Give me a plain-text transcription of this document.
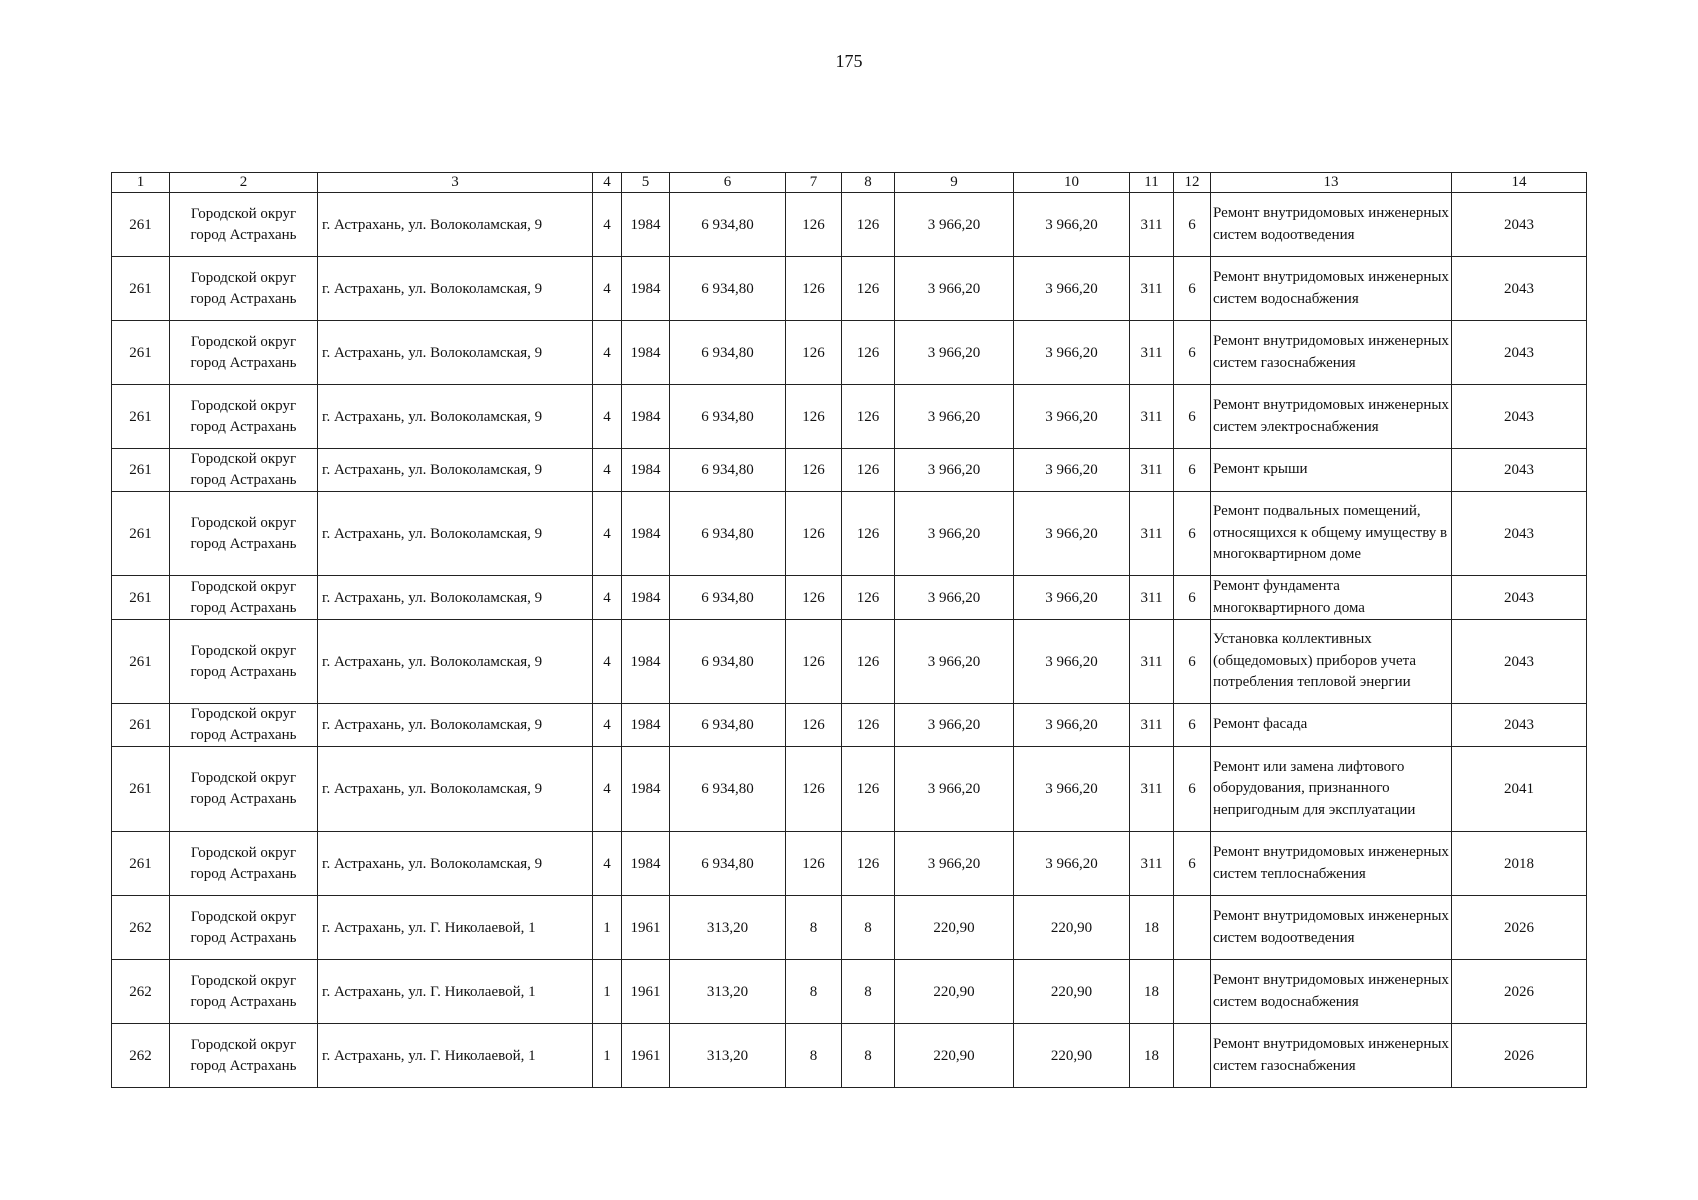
175
1	2	3	4	5	6	7	8	9	10	11	12	13	14
261	Городской округ город Астрахань	г. Астрахань, ул. Волоколамская, 9	4	1984	6 934,80	126	126	3 966,20	3 966,20	311	6	Ремонт внутридомовых инженерных систем водоотведения	2043
261	Городской округ город Астрахань	г. Астрахань, ул. Волоколамская, 9	4	1984	6 934,80	126	126	3 966,20	3 966,20	311	6	Ремонт внутридомовых инженерных систем водоснабжения	2043
261	Городской округ город Астрахань	г. Астрахань, ул. Волоколамская, 9	4	1984	6 934,80	126	126	3 966,20	3 966,20	311	6	Ремонт внутридомовых инженерных систем газоснабжения	2043
261	Городской округ город Астрахань	г. Астрахань, ул. Волоколамская, 9	4	1984	6 934,80	126	126	3 966,20	3 966,20	311	6	Ремонт внутридомовых инженерных систем электроснабжения	2043
261	Городской округ город Астрахань	г. Астрахань, ул. Волоколамская, 9	4	1984	6 934,80	126	126	3 966,20	3 966,20	311	6	Ремонт крыши	2043
261	Городской округ город Астрахань	г. Астрахань, ул. Волоколамская, 9	4	1984	6 934,80	126	126	3 966,20	3 966,20	311	6	Ремонт подвальных помещений, относящихся к общему имуществу в многоквартирном доме	2043
261	Городской округ город Астрахань	г. Астрахань, ул. Волоколамская, 9	4	1984	6 934,80	126	126	3 966,20	3 966,20	311	6	Ремонт фундамента многоквартирного дома	2043
261	Городской округ город Астрахань	г. Астрахань, ул. Волоколамская, 9	4	1984	6 934,80	126	126	3 966,20	3 966,20	311	6	Установка коллективных (общедомовых) приборов учета потребления тепловой энергии	2043
261	Городской округ город Астрахань	г. Астрахань, ул. Волоколамская, 9	4	1984	6 934,80	126	126	3 966,20	3 966,20	311	6	Ремонт фасада	2043
261	Городской округ город Астрахань	г. Астрахань, ул. Волоколамская, 9	4	1984	6 934,80	126	126	3 966,20	3 966,20	311	6	Ремонт или замена лифтового оборудования, признанного непригодным для эксплуатации	2041
261	Городской округ город Астрахань	г. Астрахань, ул. Волоколамская, 9	4	1984	6 934,80	126	126	3 966,20	3 966,20	311	6	Ремонт внутридомовых инженерных систем теплоснабжения	2018
262	Городской округ город Астрахань	г. Астрахань, ул. Г. Николаевой, 1	1	1961	313,20	8	8	220,90	220,90	18		Ремонт внутридомовых инженерных систем водоотведения	2026
262	Городской округ город Астрахань	г. Астрахань, ул. Г. Николаевой, 1	1	1961	313,20	8	8	220,90	220,90	18		Ремонт внутридомовых инженерных систем водоснабжения	2026
262	Городской округ город Астрахань	г. Астрахань, ул. Г. Николаевой, 1	1	1961	313,20	8	8	220,90	220,90	18		Ремонт внутридомовых инженерных систем газоснабжения	2026
